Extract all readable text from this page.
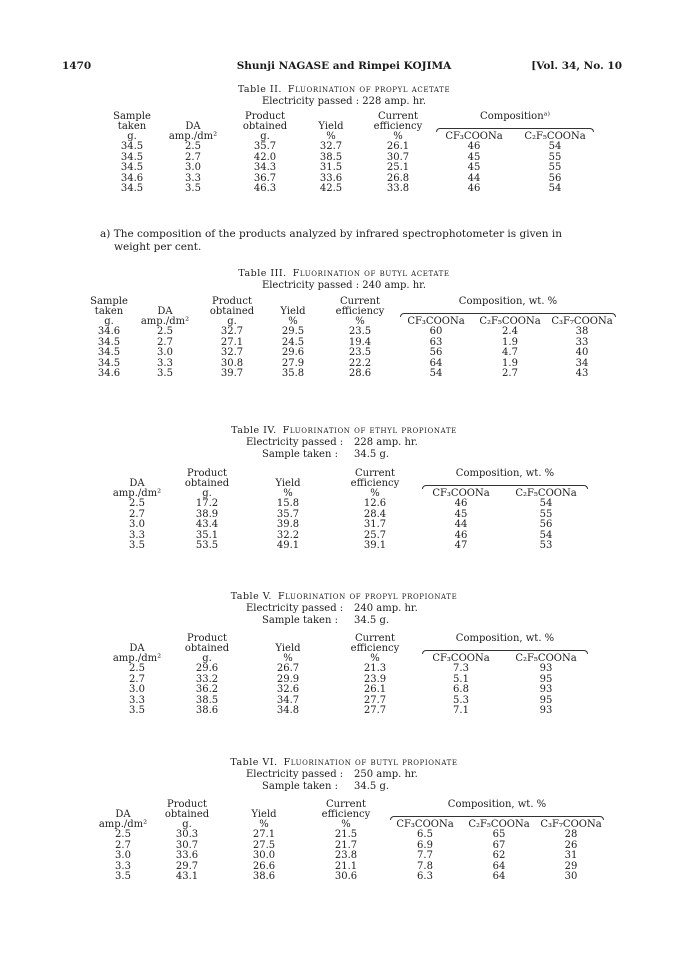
1470	Shunji NAGASE and Rimpei KOJIMA	[Vol. 34, No. 10
Table II. Fluorination of propyl acetate
Electricity passed : 228 amp. hr.
Sample		Product		Current	Compositionᵃ⁾	
taken	DA	obtained	Yield	efficiency		

g.	amp./dm²	g.	%	%	CF₃COONa	C₂F₅COONa
34.5	2.5	35.7	32.7	26.1	46	54
34.5	2.7	42.0	38.5	30.7	45	55
34.5	3.0	34.3	31.5	25.1	45	55
34.6	3.3	36.7	33.6	26.8	44	56
34.5	3.5	46.3	42.5	33.8	46	54
a) The composition of the products analyzed by infrared spectrophotometer is given in
weight per cent.
Table III. Fluorination of butyl acetate
Electricity passed : 240 amp. hr.
Sample		Product		Current	Composition, wt. %		
taken	DA	obtained	Yield	efficiency			

g.	amp./dm²	g.	%	%	CF₃COONa	C₂F₅COONa	C₃F₇COONa
34.6	2.5	32.7	29.5	23.5	60	2.4	38
34.5	2.7	27.1	24.5	19.4	63	1.9	33
34.5	3.0	32.7	29.6	23.5	56	4.7	40
34.5	3.3	30.8	27.9	22.2	64	1.9	34
34.6	3.5	39.7	35.8	28.6	54	2.7	43
Table IV. Fluorination of ethyl propionate
Electricity passed : 228 amp. hr.
Sample taken : 34.5 g.
	Product		Current	Composition, wt. %	
DA	obtained	Yield	efficiency		

amp./dm²	g.	%	%	CF₃COONa	C₂F₅COONa
2.5	17.2	15.8	12.6	46	54
2.7	38.9	35.7	28.4	45	55
3.0	43.4	39.8	31.7	44	56
3.3	35.1	32.2	25.7	46	54
3.5	53.5	49.1	39.1	47	53
Table V. Fluorination of propyl propionate
Electricity passed : 240 amp. hr.
Sample taken : 34.5 g.
	Product		Current	Composition, wt. %	
DA	obtained	Yield	efficiency		

amp./dm²	g.	%	%	CF₃COONa	C₂F₅COONa
2.5	29.6	26.7	21.3	7.3	93
2.7	33.2	29.9	23.9	5.1	95
3.0	36.2	32.6	26.1	6.8	93
3.3	38.5	34.7	27.7	5.3	95
3.5	38.6	34.8	27.7	7.1	93
Table VI. Fluorination of butyl propionate
Electricity passed : 250 amp. hr.
Sample taken : 34.5 g.
	Product		Current	Composition, wt. %		
DA	obtained	Yield	efficiency			

amp./dm²	g.	%	%	CF₃COONa	C₂F₅COONa	C₃F₇COONa
2.5	30.3	27.1	21.5	6.5	65	28
2.7	30.7	27.5	21.7	6.9	67	26
3.0	33.6	30.0	23.8	7.7	62	31
3.3	29.7	26.6	21.1	7.8	64	29
3.5	43.1	38.6	30.6	6.3	64	30
